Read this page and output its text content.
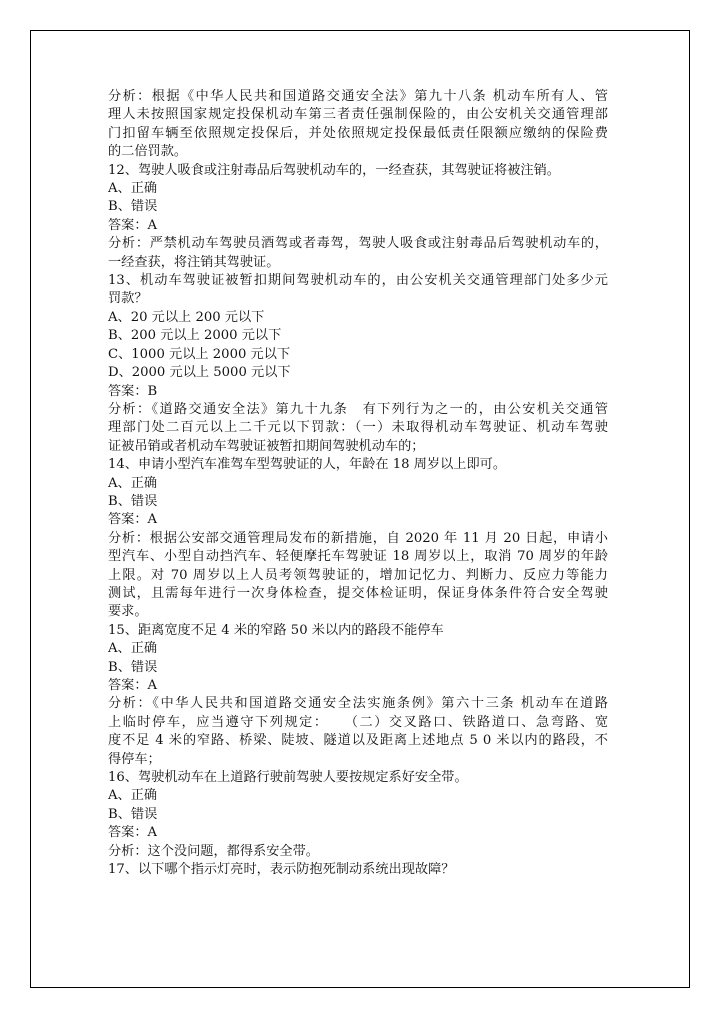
分析：根据《中华人民共和国道路交通安全法》第九十八条 机动车所有人、管
理人未按照国家规定投保机动车第三者责任强制保险的，由公安机关交通管理部
门扣留车辆至依照规定投保后，并处依照规定投保最低责任限额应缴纳的保险费
的二倍罚款。
12、驾驶人吸食或注射毒品后驾驶机动车的，一经查获，其驾驶证将被注销。
A、正确
B、错误
答案：A
分析：严禁机动车驾驶员酒驾或者毒驾，驾驶人吸食或注射毒品后驾驶机动车的，
一经查获，将注销其驾驶证。
13、机动车驾驶证被暂扣期间驾驶机动车的，由公安机关交通管理部门处多少元
罚款？
A、20 元以上 200 元以下
B、200 元以上 2000 元以下
C、1000 元以上 2000 元以下
D、2000 元以上 5000 元以下
答案：B
分析：《道路交通安全法》第九十九条　有下列行为之一的，由公安机关交通管
理部门处二百元以上二千元以下罚款：（一）未取得机动车驾驶证、机动车驾驶
证被吊销或者机动车驾驶证被暂扣期间驾驶机动车的；
14、申请小型汽车准驾车型驾驶证的人，年龄在 18 周岁以上即可。
A、正确
B、错误
答案：A
分析：根据公安部交通管理局发布的新措施，自 2020 年 11 月 20 日起，申请小
型汽车、小型自动挡汽车、轻便摩托车驾驶证 18 周岁以上，取消 70 周岁的年龄
上限。对 70 周岁以上人员考领驾驶证的，增加记忆力、判断力、反应力等能力
测试，且需每年进行一次身体检查，提交体检证明，保证身体条件符合安全驾驶
要求。
15、距离宽度不足 4 米的窄路 50 米以内的路段不能停车
A、正确
B、错误
答案：A
分析：《中华人民共和国道路交通安全法实施条例》第六十三条 机动车在道路
上临时停车，应当遵守下列规定：　　（二）交叉路口、铁路道口、急弯路、宽
度不足 4 米的窄路、桥梁、陡坡、隧道以及距离上述地点 5 0 米以内的路段，不
得停车；
16、驾驶机动车在上道路行驶前驾驶人要按规定系好安全带。
A、正确
B、错误
答案：A
分析：这个没问题，都得系安全带。
17、以下哪个指示灯亮时，表示防抱死制动系统出现故障？
